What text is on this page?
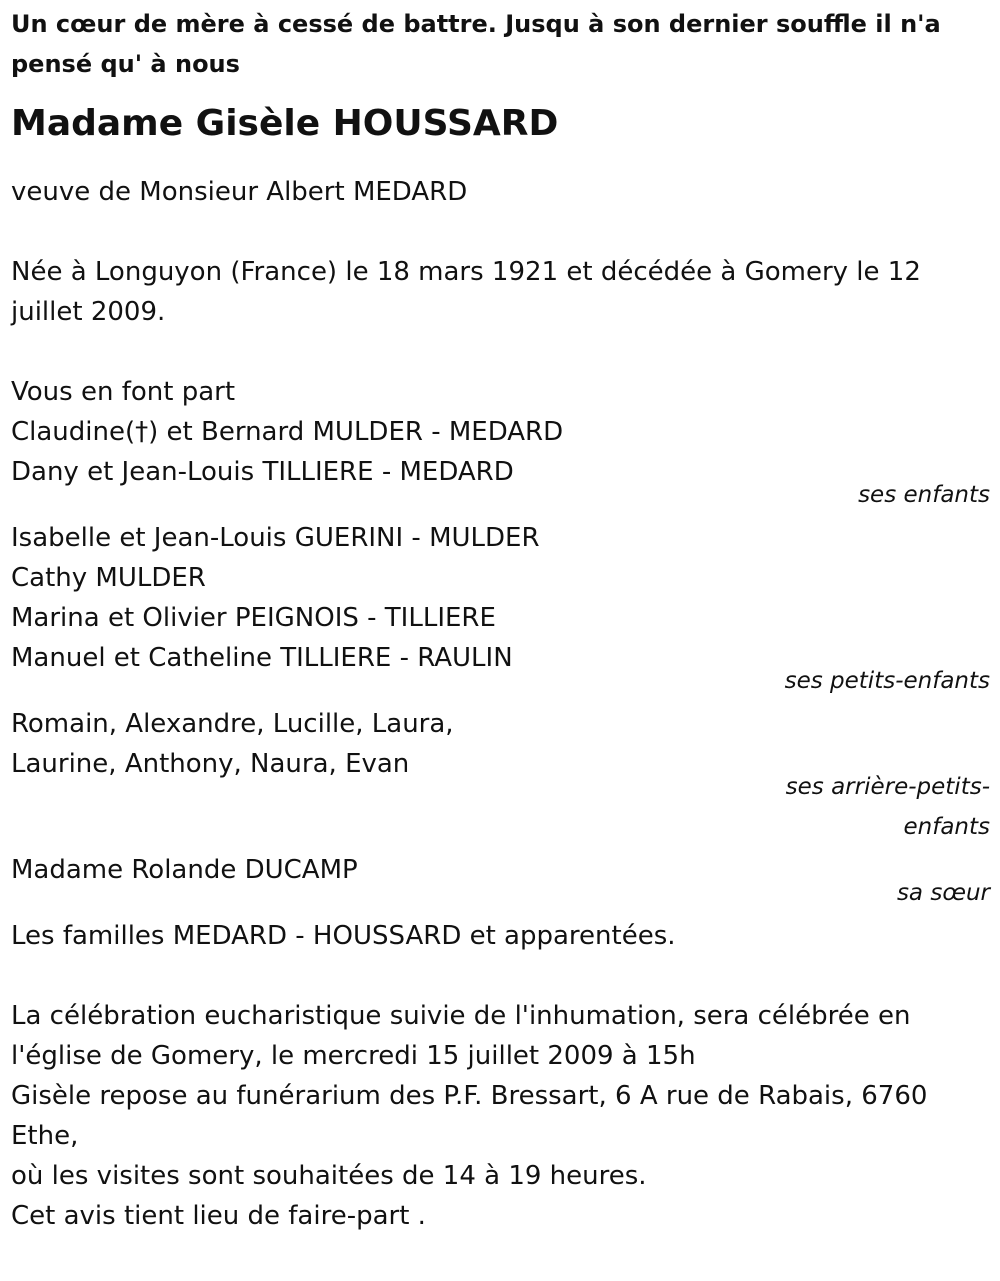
Un cœur de mère à cessé de battre. Jusqu à son dernier souffle il n'a pensé qu' à nous

Madame Gisèle HOUSSARD

veuve de Monsieur Albert MEDARD

Née à Longuyon (France) le 18 mars 1921 et décédée à Gomery le 12 juillet 2009.

Vous en font part

Claudine(†) et Bernard MULDER - MEDARD

Dany et Jean-Louis TILLIERE - MEDARD

ses enfants

Isabelle et Jean-Louis GUERINI - MULDER

Cathy MULDER

Marina et Olivier PEIGNOIS - TILLIERE

Manuel et Catheline TILLIERE - RAULIN

ses petits-enfants

Romain, Alexandre, Lucille, Laura,

Laurine, Anthony, Naura, Evan

ses arrière-petits-enfants

Madame Rolande DUCAMP

sa sœur

Les familles MEDARD - HOUSSARD et apparentées.

La célébration eucharistique suivie de l'inhumation, sera célébrée en l'église de Gomery, le mercredi 15 juillet 2009 à 15h

Gisèle repose au funérarium des P.F. Bressart, 6 A rue de Rabais, 6760 Ethe,

où les visites sont souhaitées de 14 à 19 heures.

Cet avis tient lieu de faire-part .
